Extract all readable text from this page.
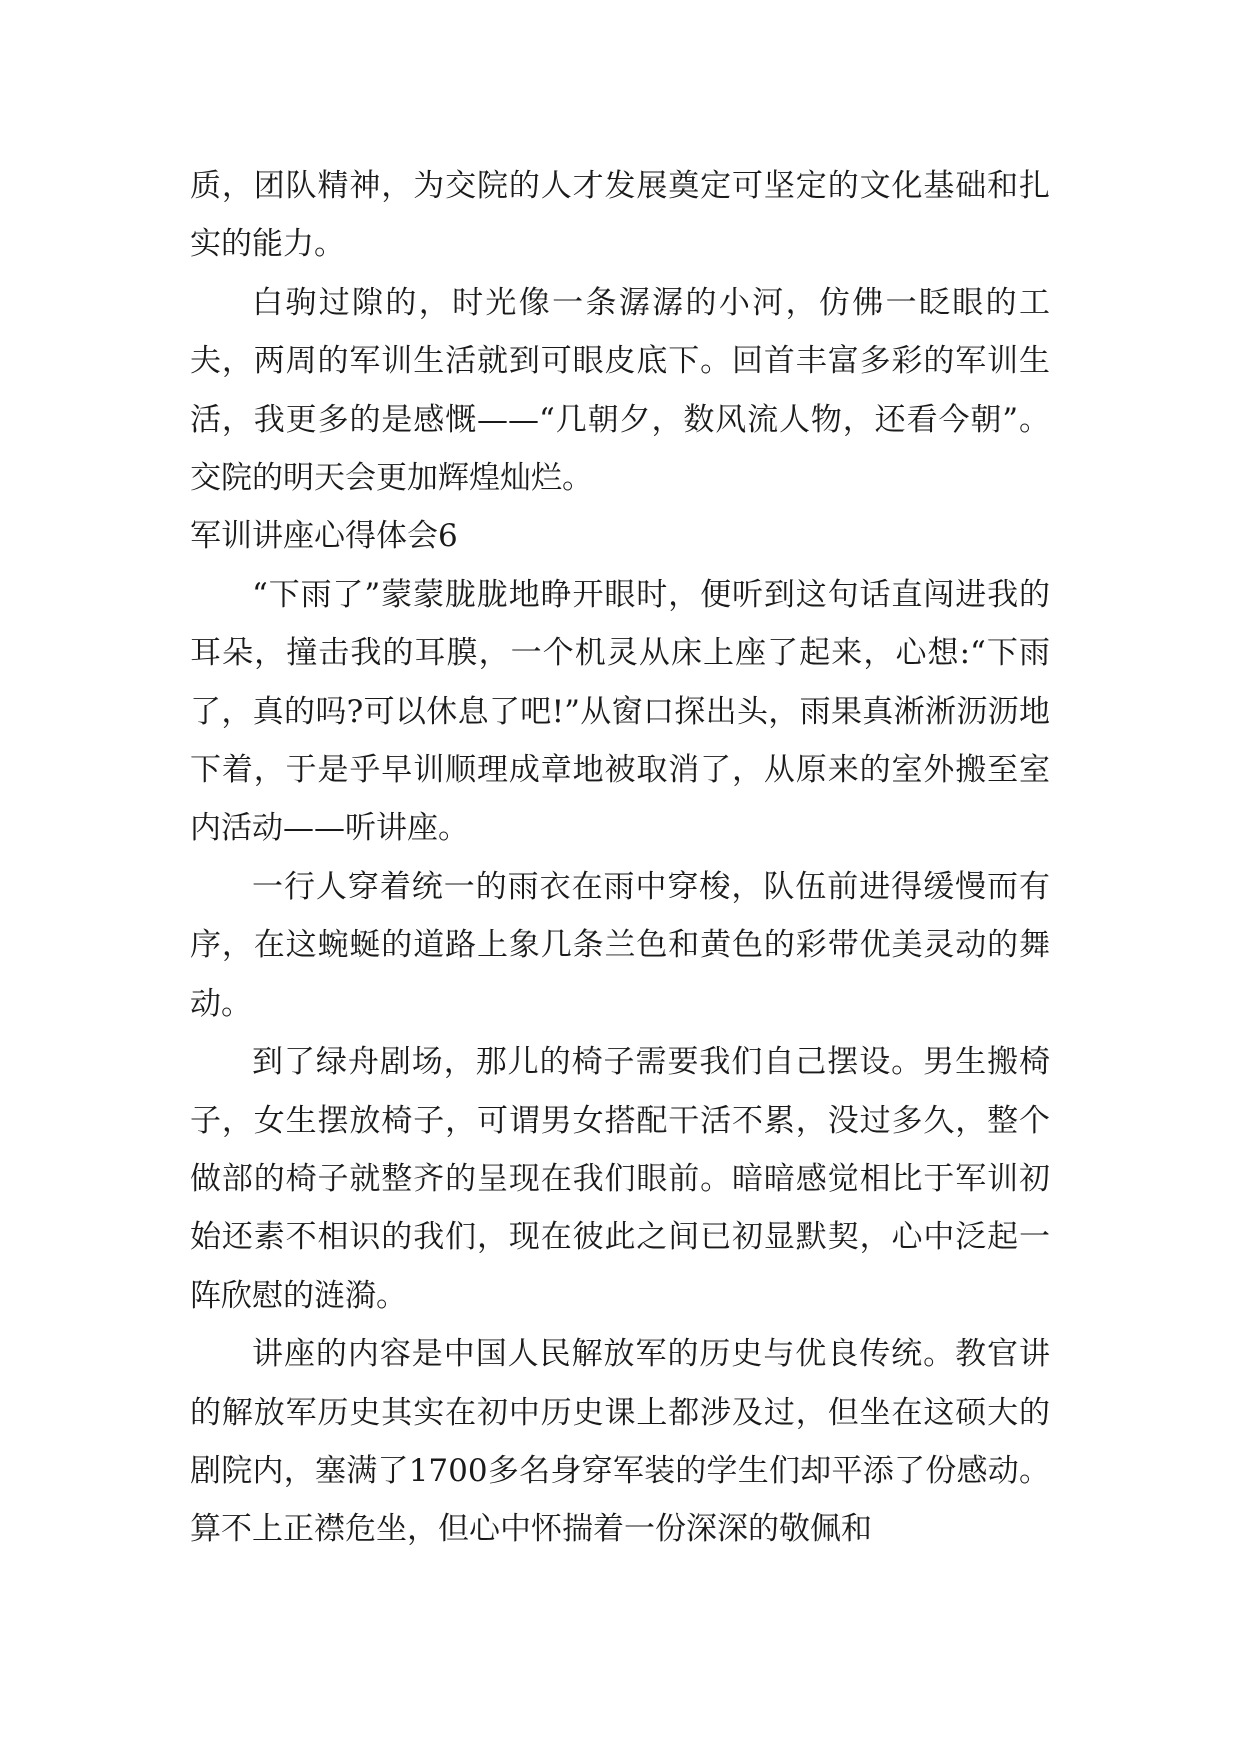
质，团队精神，为交院的人才发展奠定可坚定的文化基础和扎实的能力。

白驹过隙的，时光像一条潺潺的小河，仿佛一眨眼的工夫，两周的军训生活就到可眼皮底下。回首丰富多彩的军训生活，我更多的是感慨——“几朝夕，数风流人物，还看今朝”。交院的明天会更加辉煌灿烂。

军训讲座心得体会6

“下雨了”蒙蒙胧胧地睁开眼时，便听到这句话直闯进我的耳朵，撞击我的耳膜，一个机灵从床上座了起来，心想:“下雨了，真的吗?可以休息了吧!”从窗口探出头，雨果真淅淅沥沥地下着，于是乎早训顺理成章地被取消了，从原来的室外搬至室内活动——听讲座。

一行人穿着统一的雨衣在雨中穿梭，队伍前进得缓慢而有序，在这蜿蜒的道路上象几条兰色和黄色的彩带优美灵动的舞动。

到了绿舟剧场，那儿的椅子需要我们自己摆设。男生搬椅子，女生摆放椅子，可谓男女搭配干活不累，没过多久，整个做部的椅子就整齐的呈现在我们眼前。暗暗感觉相比于军训初始还素不相识的我们，现在彼此之间已初显默契，心中泛起一阵欣慰的涟漪。

讲座的内容是中国人民解放军的历史与优良传统。教官讲的解放军历史其实在初中历史课上都涉及过，但坐在这硕大的剧院内，塞满了1700多名身穿军装的学生们却平添了份感动。算不上正襟危坐，但心中怀揣着一份深深的敬佩和
